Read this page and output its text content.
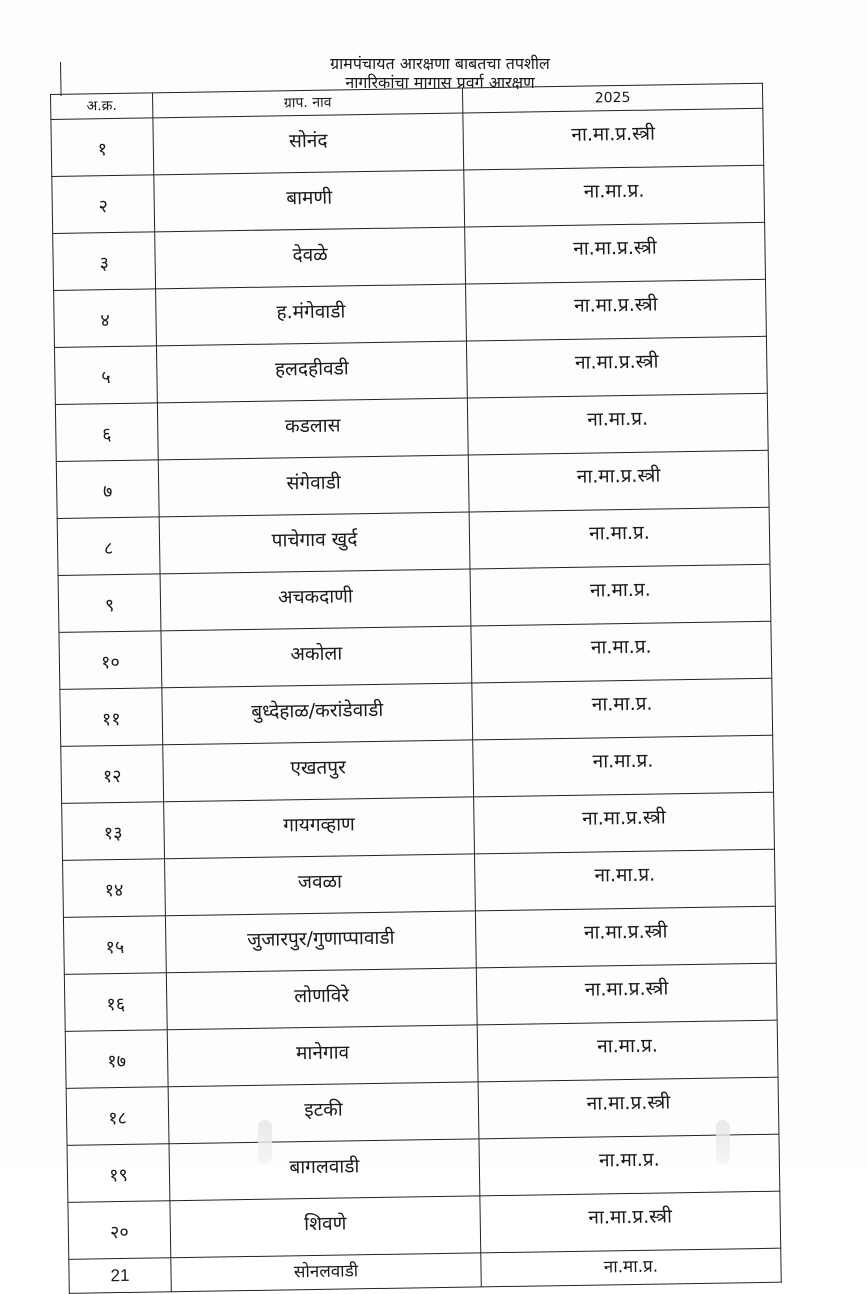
ग्रामपंचायत आरक्षणा बाबतचा तपशील
नागरिकांचा मागास प्रवर्ग आरक्षण
अ.क्र.	ग्राप. नाव	2025
१	सोनंद	ना.मा.प्र.स्त्री
२	बामणी	ना.मा.प्र.
३	देवळे	ना.मा.प्र.स्त्री
४	ह.मंगेवाडी	ना.मा.प्र.स्त्री
५	हलदहीवडी	ना.मा.प्र.स्त्री
६	कडलास	ना.मा.प्र.
७	संगेवाडी	ना.मा.प्र.स्त्री
८	पाचेगाव खुर्द	ना.मा.प्र.
९	अचकदाणी	ना.मा.प्र.
१०	अकोला	ना.मा.प्र.
११	बुध्देहाळ/करांडेवाडी	ना.मा.प्र.
१२	एखतपुर	ना.मा.प्र.
१३	गायगव्हाण	ना.मा.प्र.स्त्री
१४	जवळा	ना.मा.प्र.
१५	जुजारपुर/गुणाप्पावाडी	ना.मा.प्र.स्त्री
१६	लोणविरे	ना.मा.प्र.स्त्री
१७	मानेगाव	ना.मा.प्र.
१८	इटकी	ना.मा.प्र.स्त्री
१९	बागलवाडी	ना.मा.प्र.
२०	शिवणे	ना.मा.प्र.स्त्री
21	सोनलवाडी	ना.मा.प्र.
